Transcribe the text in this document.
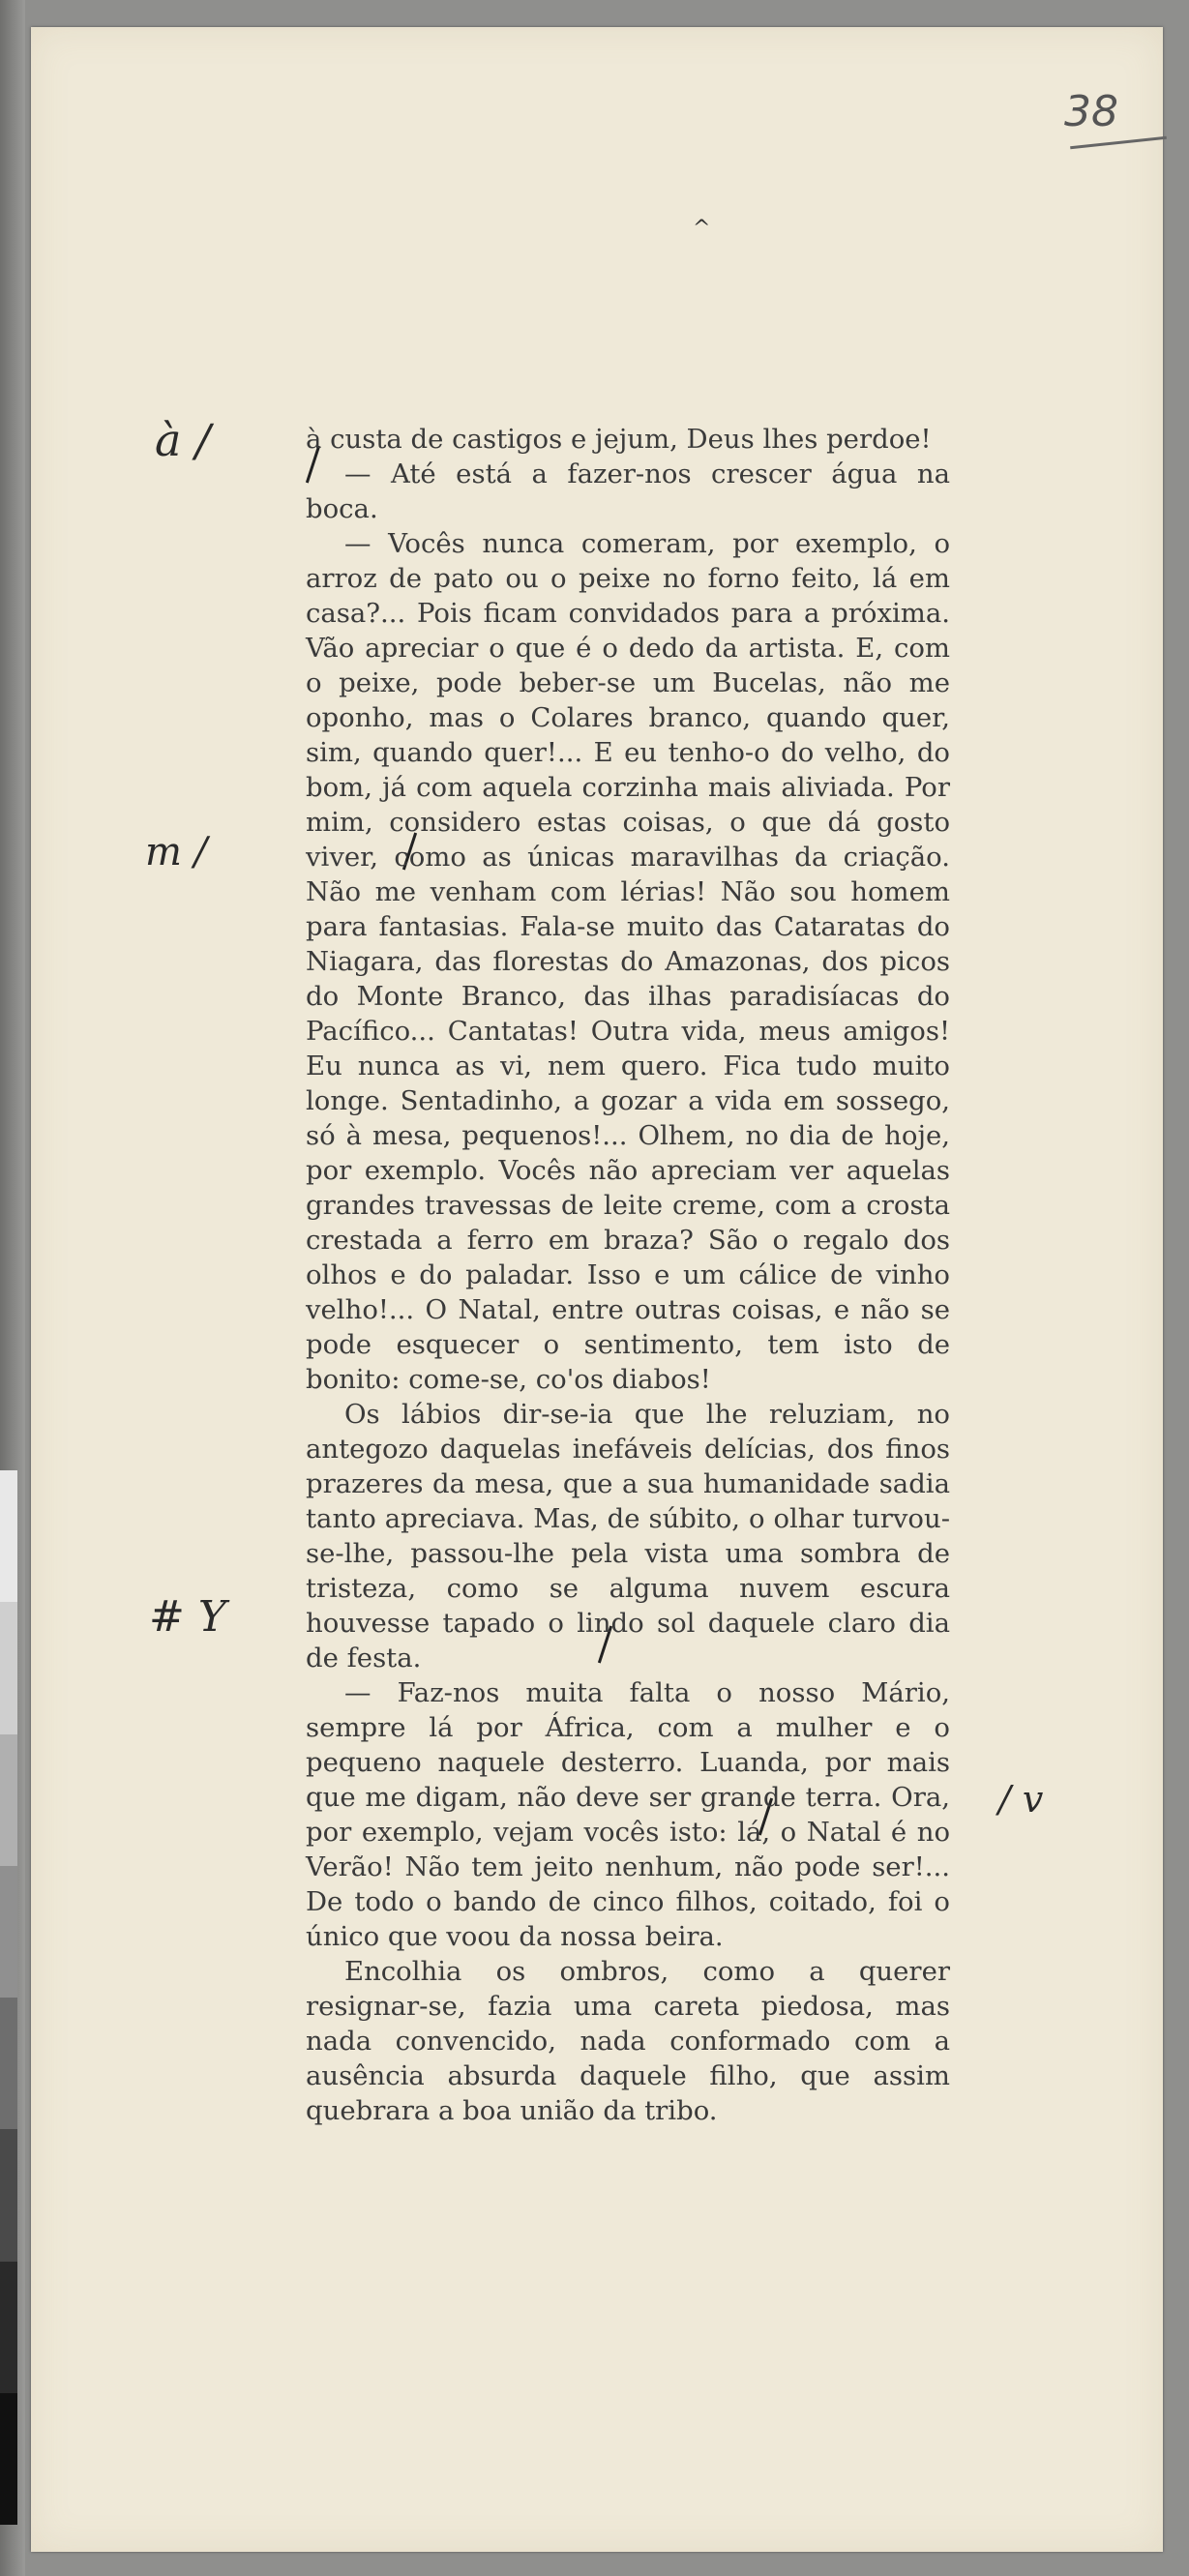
38
^
à /
m /
# Y
/ v

à custa de castigos e jejum, Deus lhes perdoe!

— Até está a fazer-nos crescer água na boca.

— Vocês nunca comeram, por exemplo, o arroz de pato ou o peixe no forno feito, lá em casa?... Pois ficam convidados para a próxima. Vão apreciar o que é o dedo da artista. E, com o peixe, pode beber-se um Bucelas, não me oponho, mas o Colares branco, quando quer, sim, quando quer!... E eu tenho-o do velho, do bom, já com aquela corzinha mais aliviada. Por mim, considero estas coisas, o que dá gosto viver, como as únicas maravilhas da criação. Não me venham com lérias! Não sou homem para fantasias. Fala-se muito das Cataratas do Niagara, das florestas do Amazonas, dos picos do Monte Branco, das ilhas paradisíacas do Pacífico... Cantatas! Outra vida, meus amigos! Eu nunca as vi, nem quero. Fica tudo muito longe. Sentadinho, a gozar a vida em sossego, só à mesa, pequenos!... Olhem, no dia de hoje, por exemplo. Vocês não apreciam ver aquelas grandes travessas de leite creme, com a crosta crestada a ferro em braza? São o regalo dos olhos e do paladar. Isso e um cálice de vinho velho!... O Natal, entre outras coisas, e não se pode esquecer o sentimento, tem isto de bonito: come-se, co'os diabos!

Os lábios dir-se-ia que lhe reluziam, no antegozo daquelas inefáveis delícias, dos finos prazeres da mesa, que a sua humanidade sadia tanto apreciava. Mas, de súbito, o olhar turvou-se-lhe, passou-lhe pela vista uma sombra de tristeza, como se alguma nuvem escura houvesse tapado o lindo sol daquele claro dia de festa.

— Faz-nos muita falta o nosso Mário, sempre lá por África, com a mulher e o pequeno naquele desterro. Luanda, por mais que me digam, não deve ser grande terra. Ora, por exemplo, vejam vocês isto: lá, o Natal é no Verão! Não tem jeito nenhum, não pode ser!... De todo o bando de cinco filhos, coitado, foi o único que voou da nossa beira.

Encolhia os ombros, como a querer resignar-se, fazia uma careta piedosa, mas nada convencido, nada conformado com a ausência absurda daquele filho, que assim quebrara a boa união da tribo.
